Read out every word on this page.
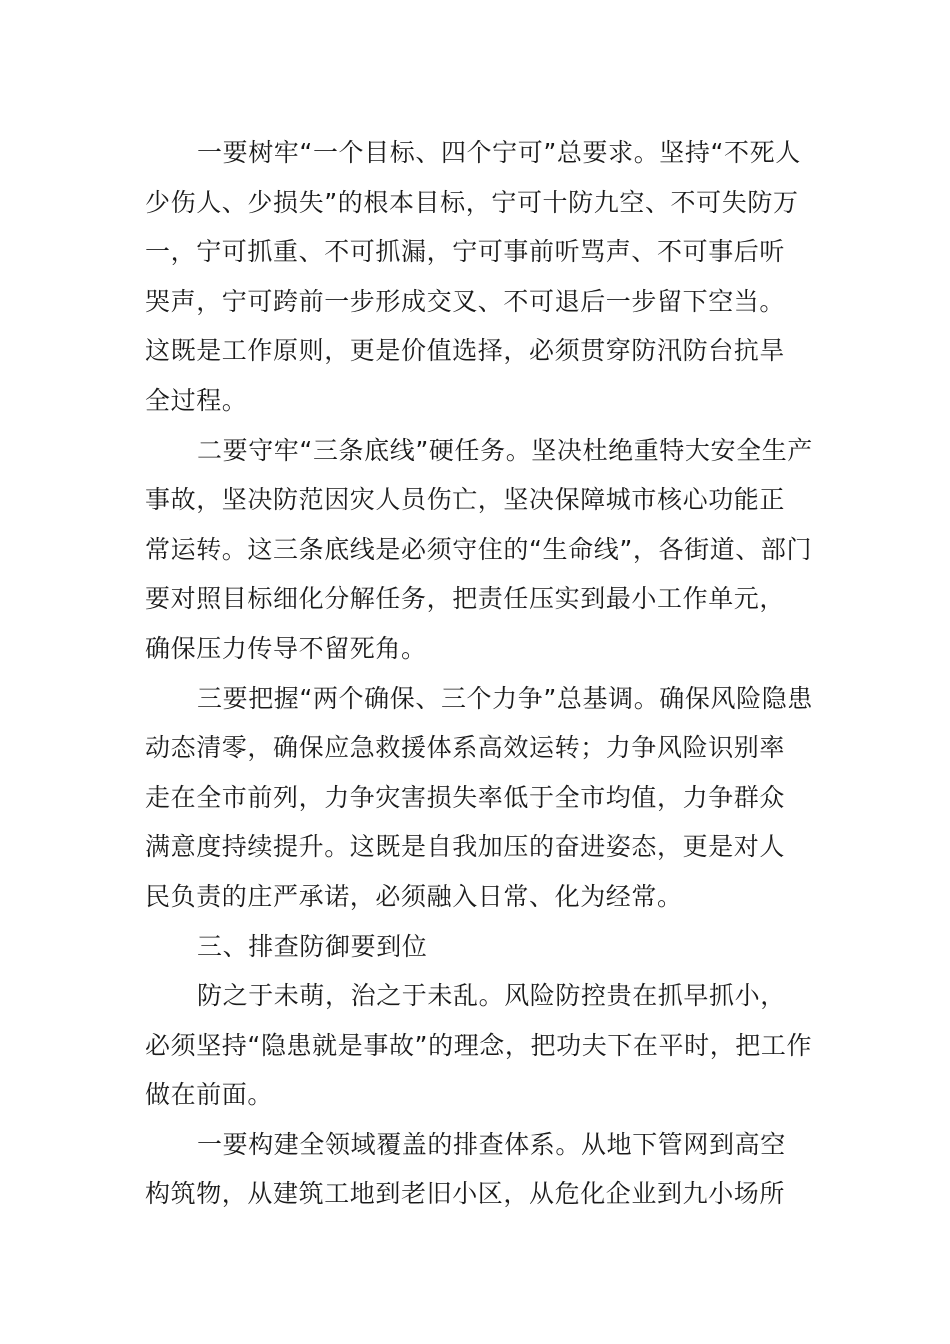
一要树牢“一个目标、四个宁可”总要求。坚持“不死人
少伤人、少损失”的根本目标，宁可十防九空、不可失防万
一，宁可抓重、不可抓漏，宁可事前听骂声、不可事后听
哭声，宁可跨前一步形成交叉、不可退后一步留下空当。
这既是工作原则，更是价值选择，必须贯穿防汛防台抗旱
全过程。
二要守牢“三条底线”硬任务。坚决杜绝重特大安全生产
事故，坚决防范因灾人员伤亡，坚决保障城市核心功能正
常运转。这三条底线是必须守住的“生命线”，各街道、部门
要对照目标细化分解任务，把责任压实到最小工作单元，
确保压力传导不留死角。
三要把握“两个确保、三个力争”总基调。确保风险隐患
动态清零，确保应急救援体系高效运转；力争风险识别率
走在全市前列，力争灾害损失率低于全市均值，力争群众
满意度持续提升。这既是自我加压的奋进姿态，更是对人
民负责的庄严承诺，必须融入日常、化为经常。
三、排查防御要到位
防之于未萌，治之于未乱。风险防控贵在抓早抓小，
必须坚持“隐患就是事故”的理念，把功夫下在平时，把工作
做在前面。
一要构建全领域覆盖的排查体系。从地下管网到高空
构筑物，从建筑工地到老旧小区，从危化企业到九小场所
